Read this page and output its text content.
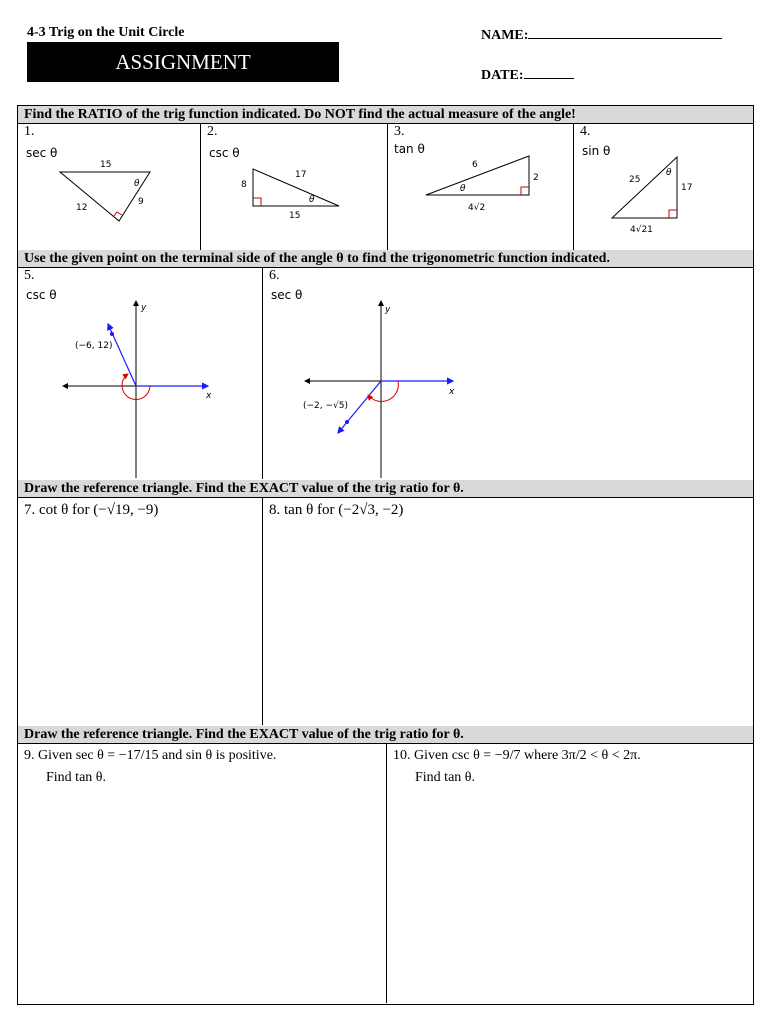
4-3 Trig on the Unit Circle	NAME:
ASSIGNMENT
DATE:
Find the RATIO of the trig function indicated. Do NOT find the actual measure of the angle!
1.
sec θ
15
12
9
θ
2.
csc θ
17
8
15
θ
3.
tan θ
6
2
4√2
θ
4.
sin θ
25
17
4√21
θ
Use the given point on the terminal side of the angle θ to find the trigonometric function indicated.
5.
csc θ
y
x
(−6, 12)
6.
sec θ
y
x
(−2, −√5)
Draw the reference triangle. Find the EXACT value of the trig ratio for θ.
7. cot θ for (−√19, −9)	8. tan θ for (−2√3, −2)
Draw the reference triangle. Find the EXACT value of the trig ratio for θ.
9. Given sec θ = −17/15 and sin θ is positive.
Find tan θ.
10. Given csc θ = −9/7 where 3π/2 < θ < 2π.
Find tan θ.
